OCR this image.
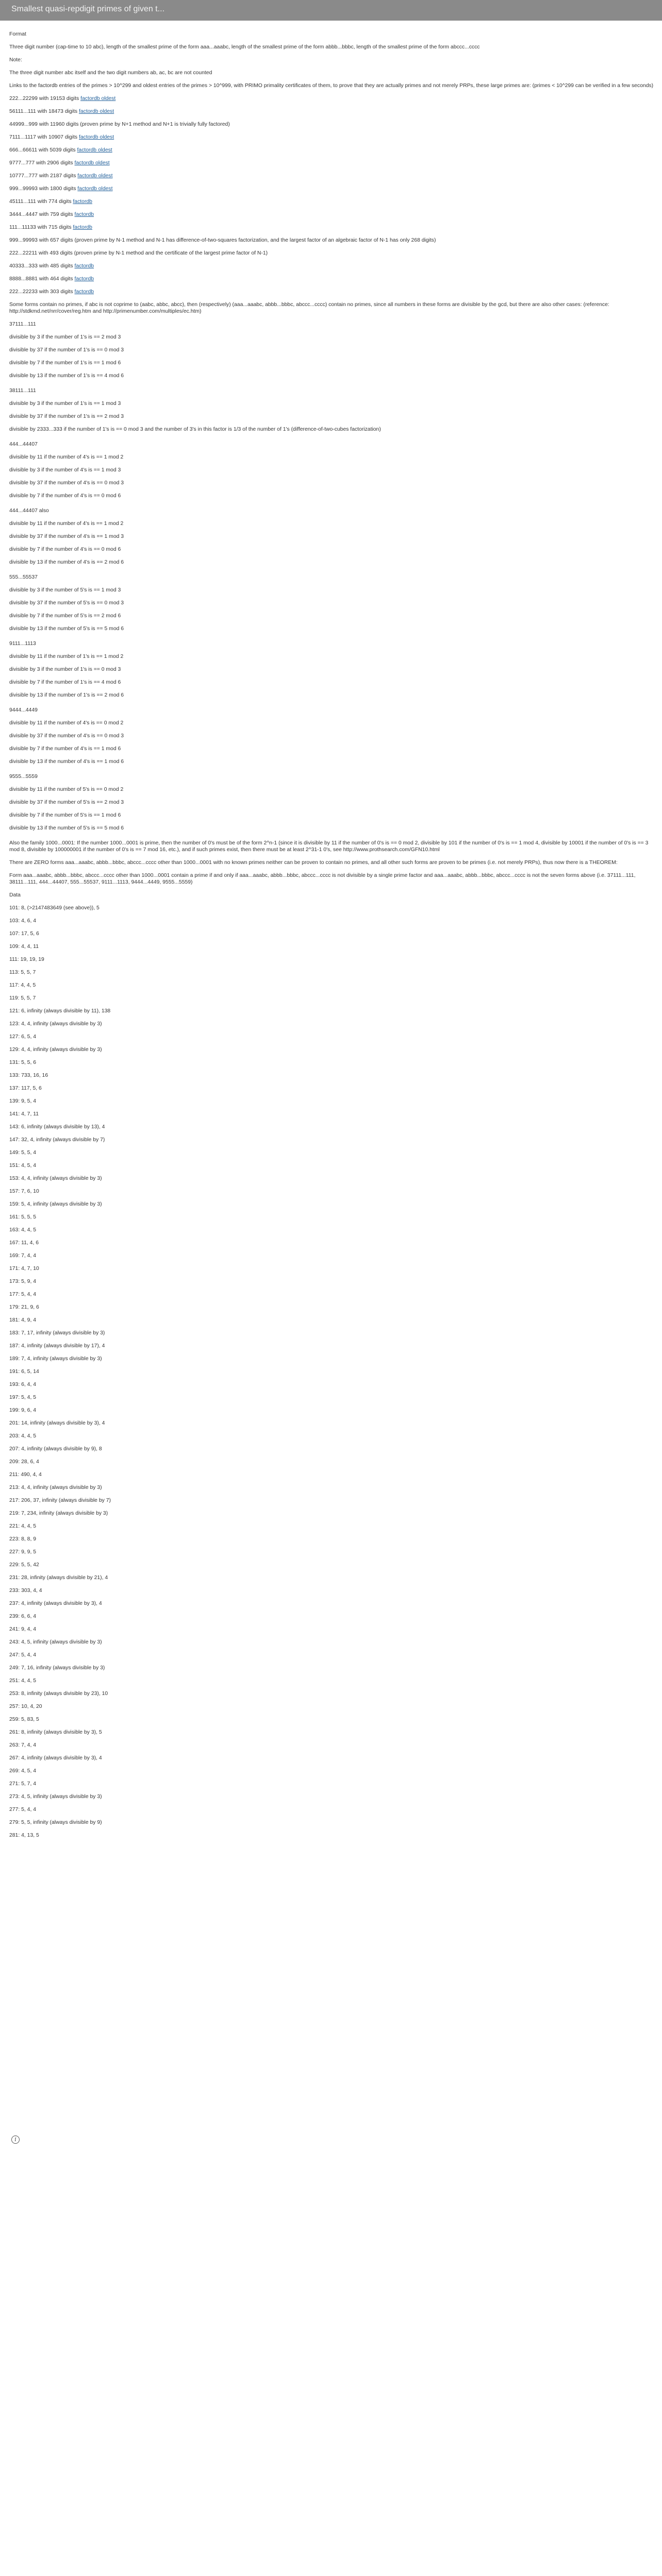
Smallest quasi-repdigit primes of given t...

Format

Three digit number (cap-time to 10 abc), length of the smallest prime of the form aaa...aaabc, length of the smallest prime of the form abbb...bbbc, length of the smallest prime of the form abccc...cccc

Note:

The three digit number abc itself and the two digit numbers ab, ac, bc are not counted

Links to the factordb entries of the primes > 10^299 and oldest entries of the primes > 10^999, with PRIMO primality certificates of them, to prove that they are actually primes and not merely PRPs, these large primes are: (primes < 10^299 can be verified in a few seconds)

222...22299 with 19153 digits factordb oldest

56111...111 with 18473 digits factordb oldest

44999...999 with 11960 digits (proven prime by N+1 method and N+1 is trivially fully factored)

7111...1117 with 10907 digits factordb oldest

666...66611 with 5039 digits factordb oldest

9777...777 with 2906 digits factordb oldest

10777...777 with 2187 digits factordb oldest

999...99993 with 1800 digits factordb oldest

45111...111 with 774 digits factordb

3444...4447 with 759 digits factordb

111...11133 with 715 digits factordb

999...99993 with 657 digits (proven prime by N-1 method and N-1 has difference-of-two-squares factorization, and the largest factor of an algebraic factor of N-1 has only 268 digits)

222...22211 with 493 digits (proven prime by N-1 method and the certificate of the largest prime factor of N-1)

40333...333 with 485 digits factordb

8888...8881 with 464 digits factordb

222...22233 with 303 digits factordb

Some forms contain no primes, if abc is not coprime to (aabc, abbc, abcc), then (respectively) (aaa...aaabc, abbb...bbbc, abccc...cccc) contain no primes, since all numbers in these forms are divisible by the gcd, but there are also other cases: (reference: http://stdkmd.net/nrr/cover/reg.htm and http://primenumber.com/multiples/ec.htm)

37111...111

divisible by 3 if the number of 1's is == 2 mod 3

divisible by 37 if the number of 1's is == 0 mod 3

divisible by 7 if the number of 1's is == 1 mod 6

divisible by 13 if the number of 1's is == 4 mod 6

38111...111

divisible by 3 if the number of 1's is == 1 mod 3

divisible by 37 if the number of 1's is == 2 mod 3

divisible by 2333...333 if the number of 1's is == 0 mod 3 and the number of 3's in this factor is 1/3 of the number of 1's (difference-of-two-cubes factorization)

444...44407

divisible by 11 if the number of 4's is == 1 mod 2

divisible by 3 if the number of 4's is == 1 mod 3

divisible by 37 if the number of 4's is == 0 mod 3

divisible by 7 if the number of 4's is == 0 mod 6

444...44407 also

divisible by 11 if the number of 4's is == 1 mod 2

divisible by 37 if the number of 4's is == 1 mod 3

divisible by 7 if the number of 4's is == 0 mod 6

divisible by 13 if the number of 4's is == 2 mod 6

555...55537

divisible by 3 if the number of 5's is == 1 mod 3

divisible by 37 if the number of 5's is == 0 mod 3

divisible by 7 if the number of 5's is == 2 mod 6

divisible by 13 if the number of 5's is == 5 mod 6

9111...1113

divisible by 11 if the number of 1's is == 1 mod 2

divisible by 3 if the number of 1's is == 0 mod 3

divisible by 7 if the number of 1's is == 4 mod 6

divisible by 13 if the number of 1's is == 2 mod 6

9444...4449

divisible by 11 if the number of 4's is == 0 mod 2

divisible by 37 if the number of 4's is == 0 mod 3

divisible by 7 if the number of 4's is == 1 mod 6

divisible by 13 if the number of 4's is == 1 mod 6

9555...5559

divisible by 11 if the number of 5's is == 0 mod 2

divisible by 37 if the number of 5's is == 2 mod 3

divisible by 7 if the number of 5's is == 1 mod 6

divisible by 13 if the number of 5's is == 5 mod 6

Also the family 1000...0001: If the number 1000...0001 is prime, then the number of 0's must be of the form 2^n-1 (since it is divisible by 11 if the number of 0's is == 0 mod 2, divisible by 101 if the number of 0's is == 1 mod 4, divisible by 10001 if the number of 0's is == 3 mod 8, divisible by 100000001 if the number of 0's is == 7 mod 16, etc.), and if such primes exist, then there must be at least 2^31-1 0's, see http://www.prothsearch.com/GFN10.html

There are ZERO forms aaa...aaabc, abbb...bbbc, abccc...cccc other than 1000...0001 with no known primes neither can be proven to contain no primes, and all other such forms are proven to be primes (i.e. not merely PRPs), thus now there is a THEOREM:

Form aaa...aaabc, abbb...bbbc, abccc...cccc other than 1000...0001 contain a prime if and only if aaa...aaabc, abbb...bbbc, abccc...cccc is not divisible by a single prime factor and aaa...aaabc, abbb...bbbc, abccc...cccc is not the seven forms above (i.e. 37111...111, 38111...111, 444...44407, 555...55537, 9111...1113, 9444...4449, 9555...5559)

Data

101: 8, (>2147483649 (see above)), 5

103: 4, 6, 4

107: 17, 5, 6

109: 4, 4, 11

111: 19, 19, 19

113: 5, 5, 7

117: 4, 4, 5

119: 5, 5, 7

121: 6, infinity (always divisible by 11), 138

123: 4, 4, infinity (always divisible by 3)

127: 6, 5, 4

129: 4, 4, infinity (always divisible by 3)

131: 5, 5, 6

133: 733, 16, 16

137: 117, 5, 6

139: 9, 5, 4

141: 4, 7, 11

143: 6, infinity (always divisible by 13), 4

147: 32, 4, infinity (always divisible by 7)

149: 5, 5, 4

151: 4, 5, 4

153: 4, 4, infinity (always divisible by 3)

157: 7, 6, 10

159: 5, 4, infinity (always divisible by 3)

161: 5, 5, 5

163: 4, 4, 5

167: 11, 4, 6

169: 7, 4, 4

171: 4, 7, 10

173: 5, 9, 4

177: 5, 4, 4

179: 21, 9, 6

181: 4, 9, 4

183: 7, 17, infinity (always divisible by 3)

187: 4, infinity (always divisible by 17), 4

189: 7, 4, infinity (always divisible by 3)

191: 6, 5, 14

193: 6, 4, 4

197: 5, 4, 5

199: 9, 6, 4

201: 14, infinity (always divisible by 3), 4

203: 4, 4, 5

207: 4, infinity (always divisible by 9), 8

209: 28, 6, 4

211: 490, 4, 4

213: 4, 4, infinity (always divisible by 3)

217: 206, 37, infinity (always divisible by 7)

219: 7, 234, infinity (always divisible by 3)

221: 4, 4, 5

223: 8, 8, 9

227: 9, 9, 5

229: 5, 5, 42

231: 28, infinity (always divisible by 21), 4

233: 303, 4, 4

237: 4, infinity (always divisible by 3), 4

239: 6, 6, 4

241: 9, 4, 4

243: 4, 5, infinity (always divisible by 3)

247: 5, 4, 4

249: 7, 16, infinity (always divisible by 3)

251: 4, 4, 5

253: 8, infinity (always divisible by 23), 10

257: 10, 4, 20

259: 5, 83, 5

261: 8, infinity (always divisible by 3), 5

263: 7, 4, 4

267: 4, infinity (always divisible by 3), 4

269: 4, 5, 4

271: 5, 7, 4

273: 4, 5, infinity (always divisible by 3)

277: 5, 4, 4

279: 5, 5, infinity (always divisible by 9)

281: 4, 13, 5

i
